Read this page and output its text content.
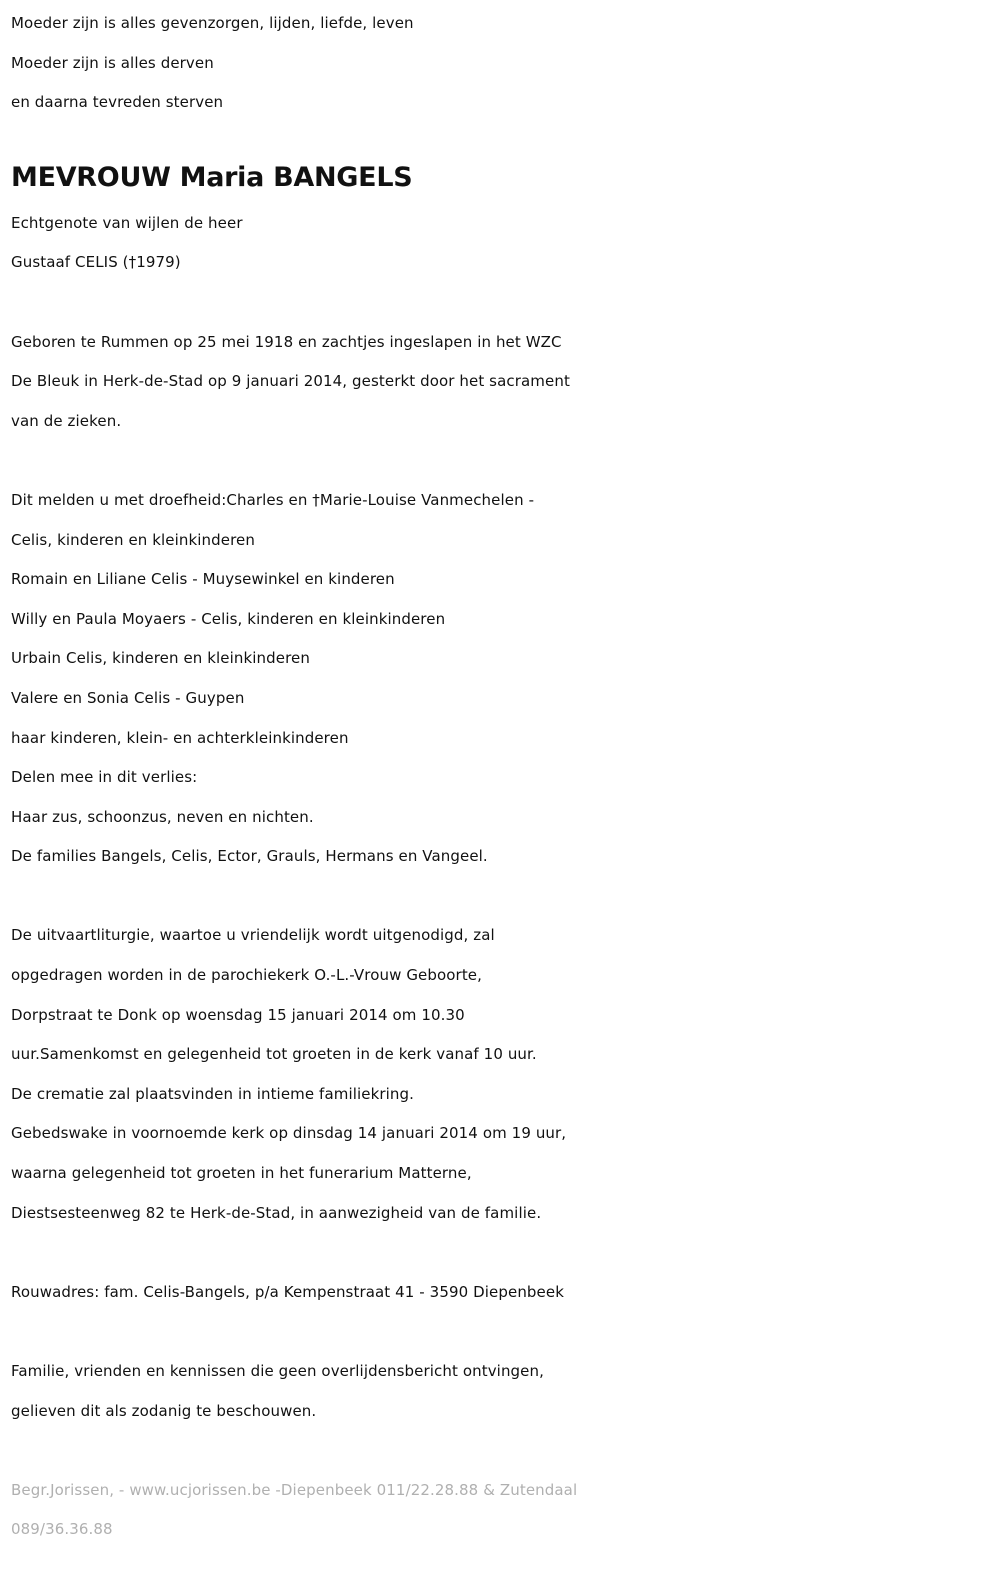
Moeder zijn is alles gevenzorgen, lijden, liefde, leven
Moeder zijn is alles derven
en daarna tevreden sterven
MEVROUW Maria BANGELS
Echtgenote van wijlen de heer
Gustaaf CELIS (†1979)
Geboren te Rummen op 25 mei 1918 en zachtjes ingeslapen in het WZC
De Bleuk in Herk-de-Stad op 9 januari 2014, gesterkt door het sacrament
van de zieken.
Dit melden u met droefheid:Charles en †Marie-Louise Vanmechelen -
Celis, kinderen en kleinkinderen
Romain en Liliane Celis - Muysewinkel en kinderen
Willy en Paula Moyaers - Celis, kinderen en kleinkinderen
Urbain Celis, kinderen en kleinkinderen
Valere en Sonia Celis - Guypen
haar kinderen, klein- en achterkleinkinderen
Delen mee in dit verlies:
Haar zus, schoonzus, neven en nichten.
De families Bangels, Celis, Ector, Grauls, Hermans en Vangeel.
De uitvaartliturgie, waartoe u vriendelijk wordt uitgenodigd, zal
opgedragen worden in de parochiekerk O.-L.-Vrouw Geboorte,
Dorpstraat te Donk op woensdag 15 januari 2014 om 10.30
uur.Samenkomst en gelegenheid tot groeten in de kerk vanaf 10 uur.
De crematie zal plaatsvinden in intieme familiekring.
Gebedswake in voornoemde kerk op dinsdag 14 januari 2014 om 19 uur,
waarna gelegenheid tot groeten in het funerarium Matterne,
Diestsesteenweg 82 te Herk-de-Stad, in aanwezigheid van de familie.
Rouwadres: fam. Celis-Bangels, p/a Kempenstraat 41 - 3590 Diepenbeek
Familie, vrienden en kennissen die geen overlijdensbericht ontvingen,
gelieven dit als zodanig te beschouwen.
Begr.Jorissen, - www.ucjorissen.be -Diepenbeek 011/22.28.88 & Zutendaal
089/36.36.88
